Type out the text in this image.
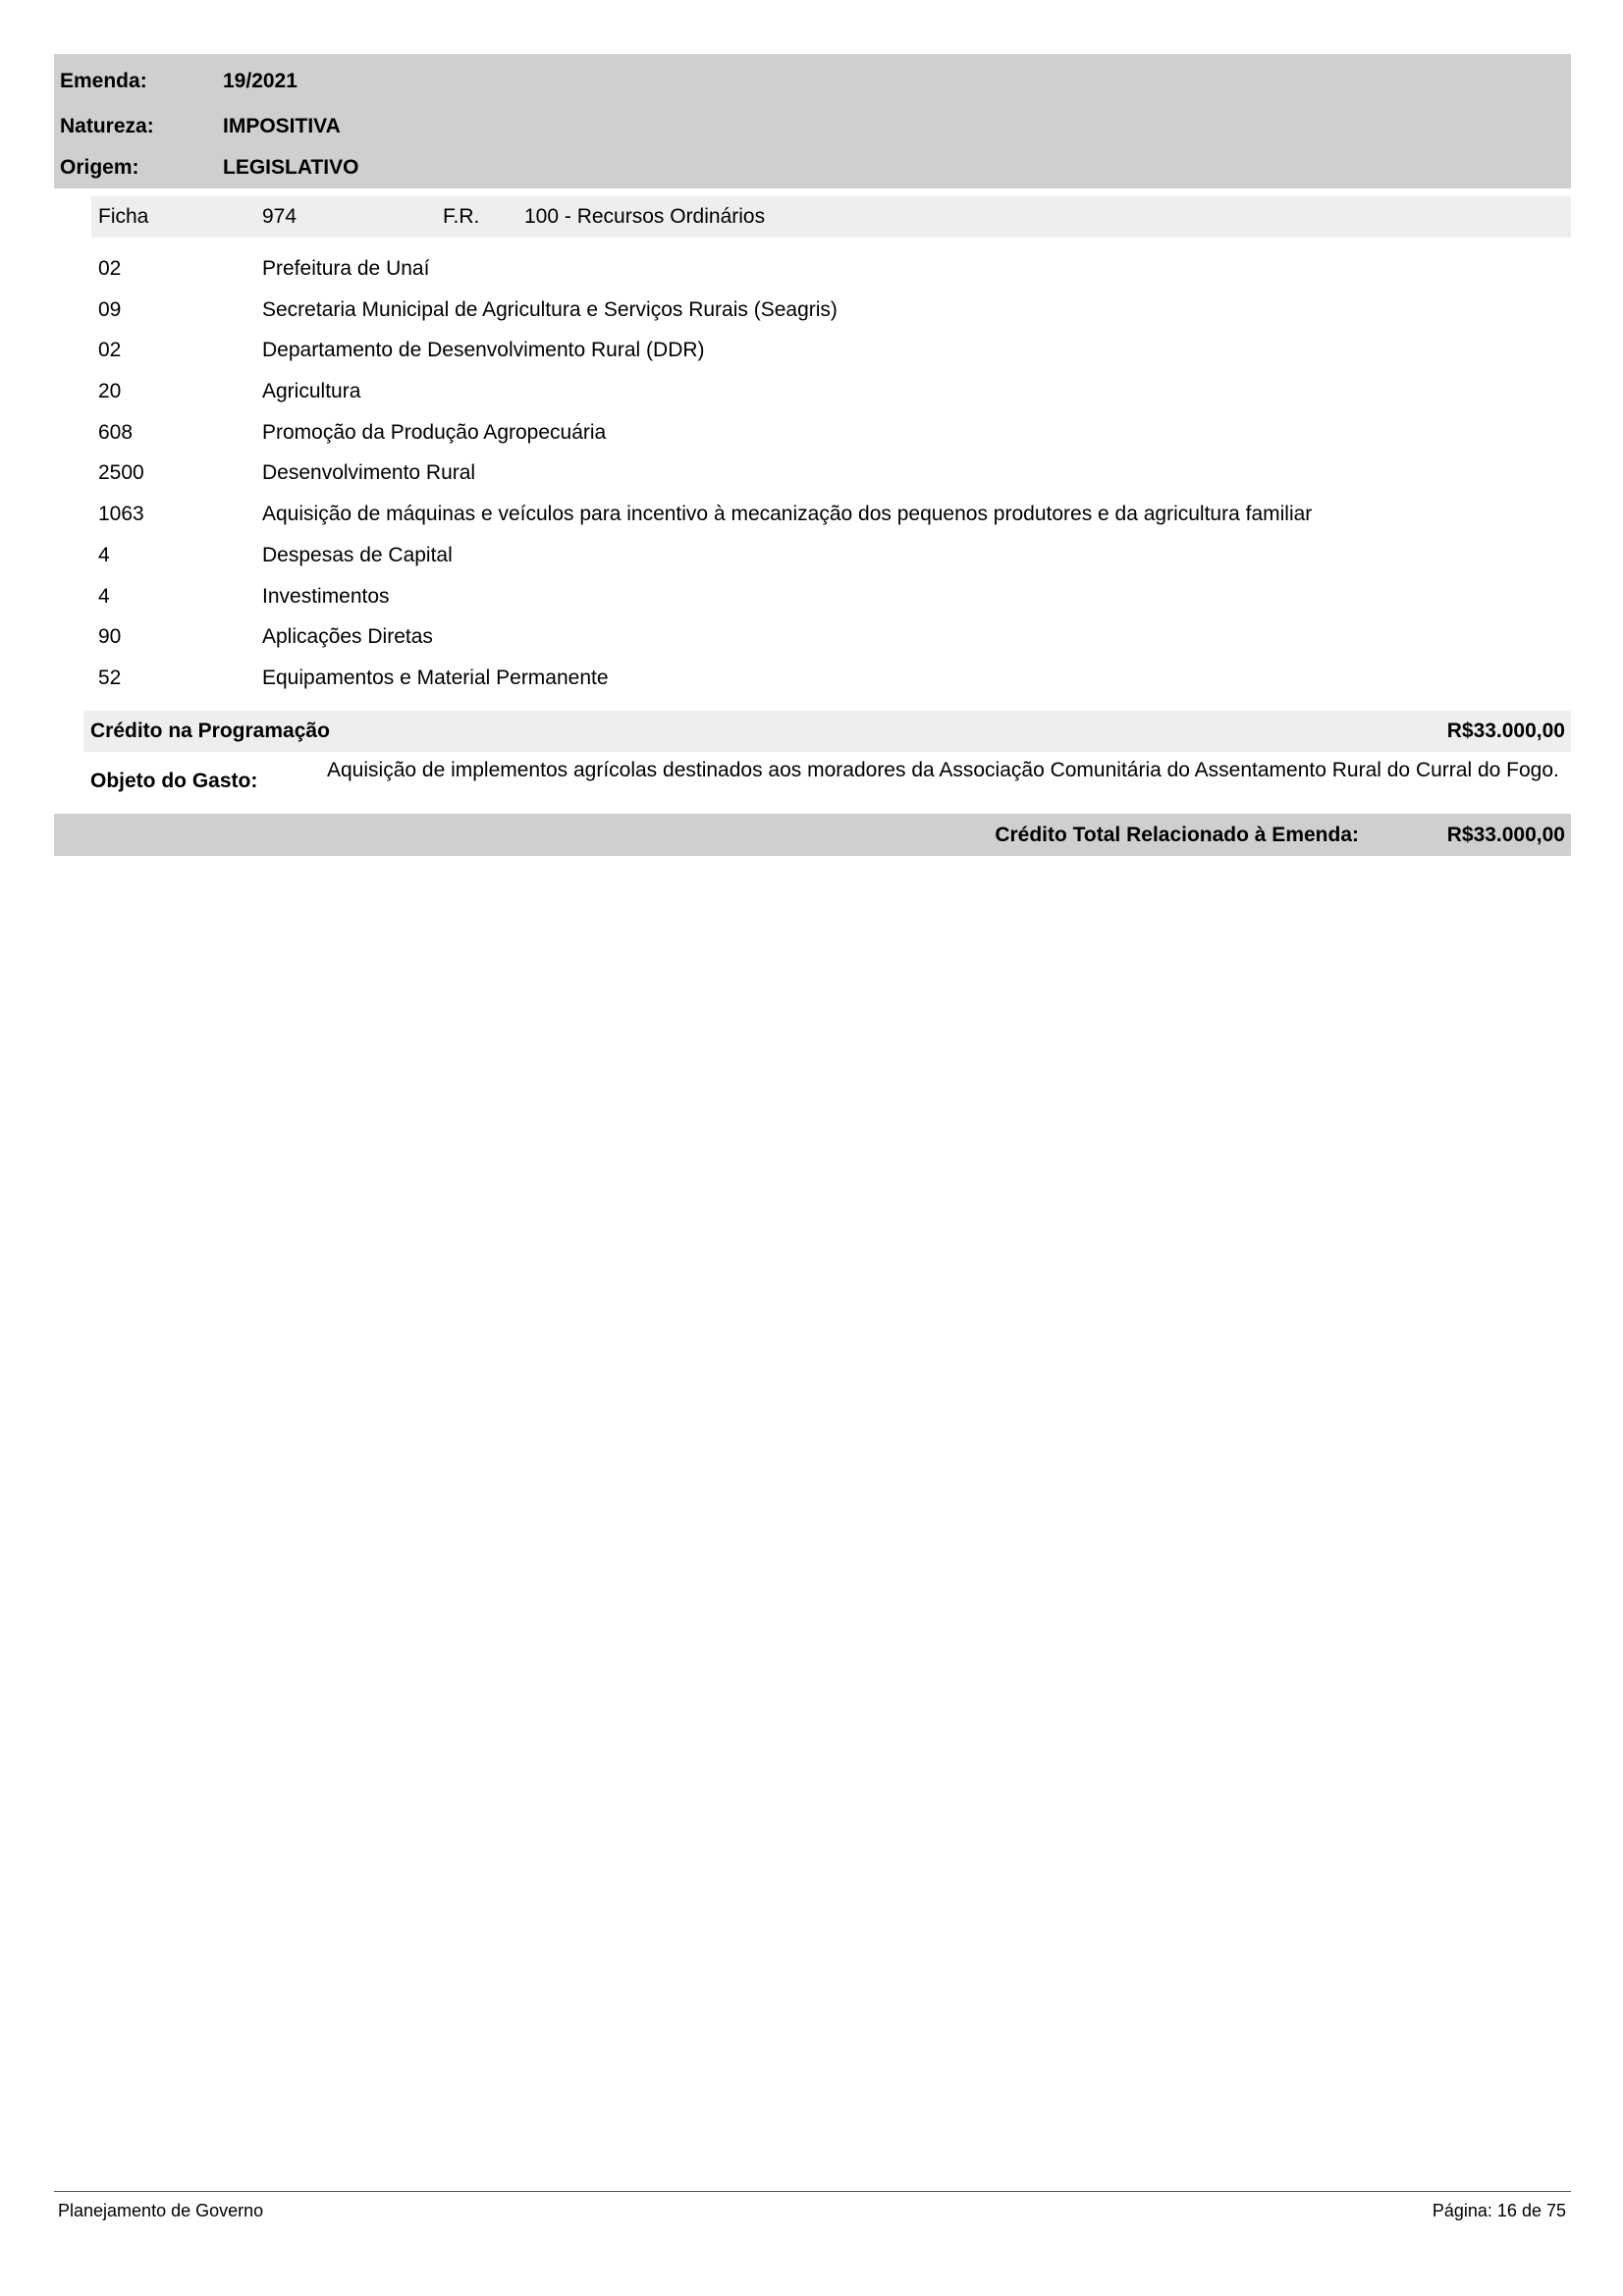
Emenda:	19/2021
Natureza:	IMPOSITIVA
Origem:	LEGISLATIVO
Ficha	974	F.R. 100 - Recursos Ordinários
02	Prefeitura de Unaí
09	Secretaria Municipal de Agricultura e Serviços Rurais (Seagris)
02	Departamento de Desenvolvimento Rural (DDR)
20	Agricultura
608	Promoção da Produção Agropecuária
2500	Desenvolvimento Rural
1063	Aquisição de máquinas e veículos para incentivo à mecanização dos pequenos produtores e da agricultura familiar
4	Despesas de Capital
4	Investimentos
90	Aplicações Diretas
52	Equipamentos e Material Permanente
Crédito na Programação	R$33.000,00
Objeto do Gasto:	Aquisição de implementos agrícolas destinados aos moradores da Associação Comunitária do Assentamento Rural do Curral do Fogo.
Crédito Total Relacionado à Emenda:	R$33.000,00
Planejamento de Governo	Página: 16 de 75
